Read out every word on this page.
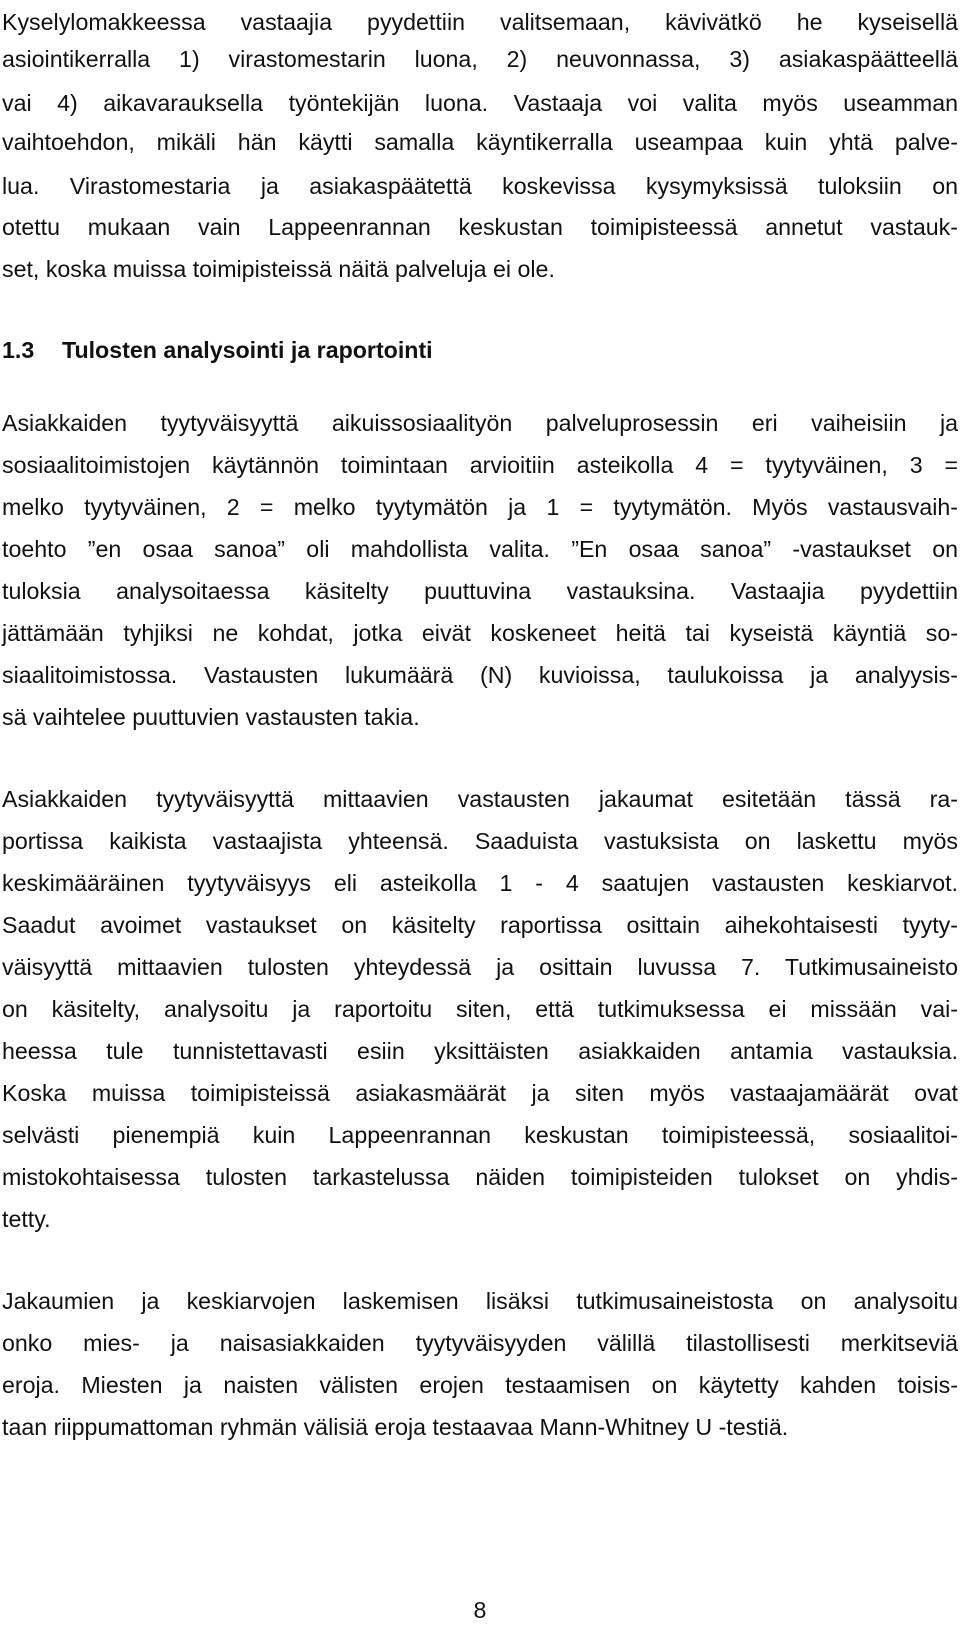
Kyselylomakkeessa vastaajia pyydettiin valitsemaan, kävivätkö he kyseisellä
asiointikerralla 1) virastomestarin luona, 2) neuvonnassa, 3) asiakaspäätteellä
vai 4) aikavarauksella työntekijän luona. Vastaaja voi valita myös useamman
vaihtoehdon, mikäli hän käytti samalla käyntikerralla useampaa kuin yhtä palve-
lua. Virastomestaria ja asiakaspäätettä koskevissa kysymyksissä tuloksiin on
otettu mukaan vain Lappeenrannan keskustan toimipisteessä annetut vastauk-
set, koska muissa toimipisteissä näitä palveluja ei ole.
1.3 Tulosten analysointi ja raportointi
Asiakkaiden tyytyväisyyttä aikuissosiaalityön palveluprosessin eri vaiheisiin ja
sosiaalitoimistojen käytännön toimintaan arvioitiin asteikolla 4 = tyytyväinen, 3 =
melko tyytyväinen, 2 = melko tyytymätön ja 1 = tyytymätön. Myös vastausvaih-
toehto ”en osaa sanoa” oli mahdollista valita. ”En osaa sanoa” -vastaukset on
tuloksia analysoitaessa käsitelty puuttuvina vastauksina. Vastaajia pyydettiin
jättämään tyhjiksi ne kohdat, jotka eivät koskeneet heitä tai kyseistä käyntiä so-
siaalitoimistossa. Vastausten lukumäärä (N) kuvioissa, taulukoissa ja analyysis-
sä vaihtelee puuttuvien vastausten takia.
Asiakkaiden tyytyväisyyttä mittaavien vastausten jakaumat esitetään tässä ra-
portissa kaikista vastaajista yhteensä. Saaduista vastuksista on laskettu myös
keskimääräinen tyytyväisyys eli asteikolla 1 - 4 saatujen vastausten keskiarvot.
Saadut avoimet vastaukset on käsitelty raportissa osittain aihekohtaisesti tyyty-
väisyyttä mittaavien tulosten yhteydessä ja osittain luvussa 7. Tutkimusaineisto
on käsitelty, analysoitu ja raportoitu siten, että tutkimuksessa ei missään vai-
heessa tule tunnistettavasti esiin yksittäisten asiakkaiden antamia vastauksia.
Koska muissa toimipisteissä asiakasmäärät ja siten myös vastaajamäärät ovat
selvästi pienempiä kuin Lappeenrannan keskustan toimipisteessä, sosiaalitoi-
mistokohtaisessa tulosten tarkastelussa näiden toimipisteiden tulokset on yhdis-
tetty.
Jakaumien ja keskiarvojen laskemisen lisäksi tutkimusaineistosta on analysoitu
onko mies- ja naisasiakkaiden tyytyväisyyden välillä tilastollisesti merkitseviä
eroja. Miesten ja naisten välisten erojen testaamisen on käytetty kahden toisis-
taan riippumattoman ryhmän välisiä eroja testaavaa Mann-Whitney U -testiä.
8
